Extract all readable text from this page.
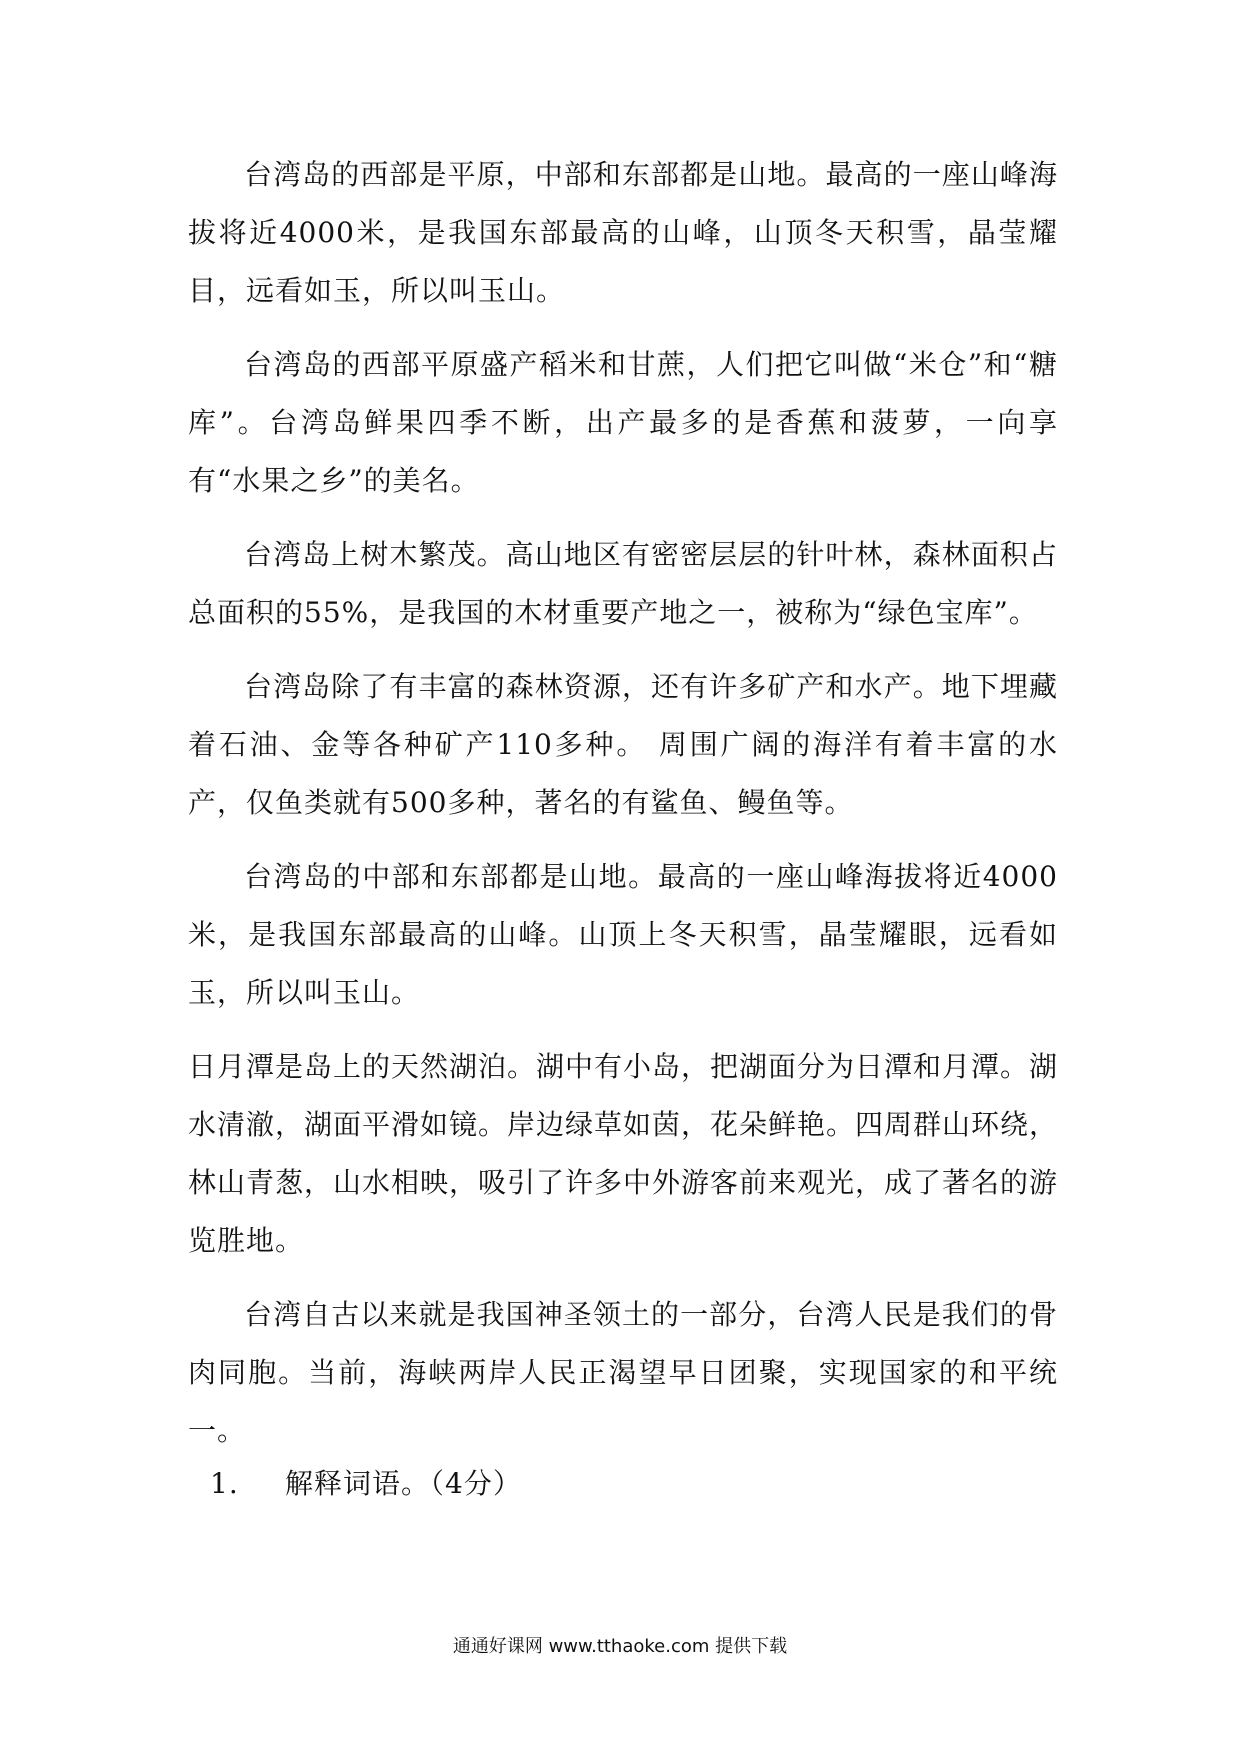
台湾岛的西部是平原，中部和东部都是山地。最高的一座山峰海拔将近4000米，是我国东部最高的山峰，山顶冬天积雪，晶莹耀目，远看如玉，所以叫玉山。

台湾岛的西部平原盛产稻米和甘蔗，人们把它叫做“米仓”和“糖库”。台湾岛鲜果四季不断，出产最多的是香蕉和菠萝，一向享有“水果之乡”的美名。

台湾岛上树木繁茂。高山地区有密密层层的针叶林，森林面积占总面积的55%，是我国的木材重要产地之一，被称为“绿色宝库”。

台湾岛除了有丰富的森林资源，还有许多矿产和水产。地下埋藏着石油、金等各种矿产110多种。 周围广阔的海洋有着丰富的水产，仅鱼类就有500多种，著名的有鲨鱼、鳗鱼等。

台湾岛的中部和东部都是山地。最高的一座山峰海拔将近4000米，是我国东部最高的山峰。山顶上冬天积雪，晶莹耀眼，远看如玉，所以叫玉山。

日月潭是岛上的天然湖泊。湖中有小岛，把湖面分为日潭和月潭。湖水清澈，湖面平滑如镜。岸边绿草如茵，花朵鲜艳。四周群山环绕，林山青葱，山水相映，吸引了许多中外游客前来观光，成了著名的游览胜地。

台湾自古以来就是我国神圣领土的一部分，台湾人民是我们的骨肉同胞。当前，海峡两岸人民正渴望早日团聚，实现国家的和平统一。

1. 解释词语。（4分）
通通好课网 www.tthaoke.com 提供下载
